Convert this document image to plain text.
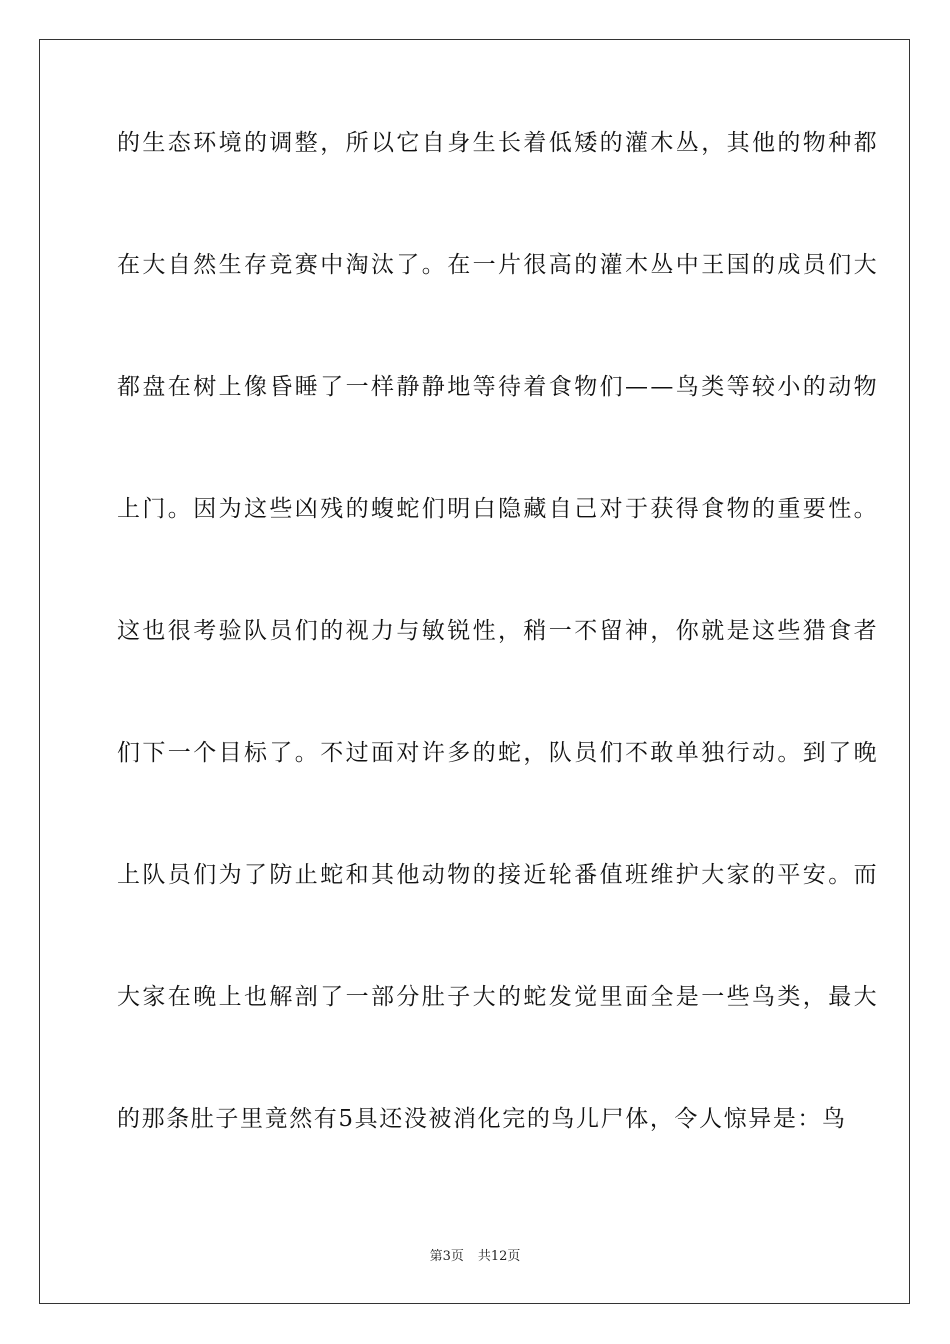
的生态环境的调整，所以它自身生长着低矮的灌木丛，其他的物种都
在大自然生存竞赛中淘汰了。在一片很高的灌木丛中王国的成员们大
都盘在树上像昏睡了一样静静地等待着食物们——鸟类等较小的动物
上门。因为这些凶残的蝮蛇们明白隐藏自己对于获得食物的重要性。
这也很考验队员们的视力与敏锐性，稍一不留神，你就是这些猎食者
们下一个目标了。不过面对许多的蛇，队员们不敢单独行动。到了晚
上队员们为了防止蛇和其他动物的接近轮番值班维护大家的平安。而
大家在晚上也解剖了一部分肚子大的蛇发觉里面全是一些鸟类，最大
的那条肚子里竟然有5具还没被消化完的鸟儿尸体，令人惊异是：鸟
第3页 共12页
